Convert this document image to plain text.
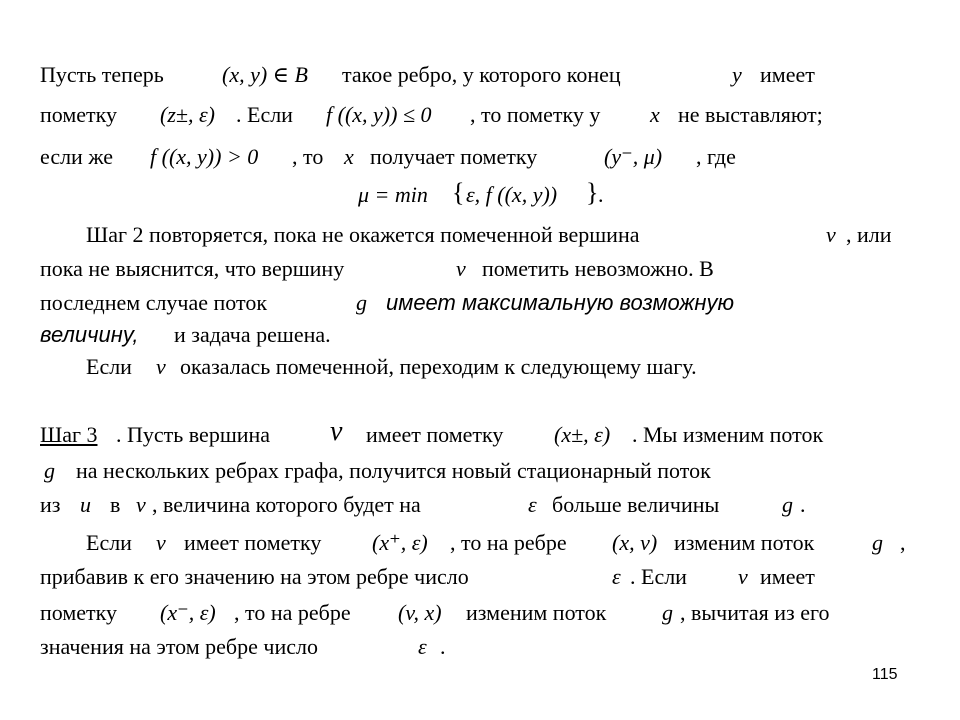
Пусть теперь	(x, y) ∈ B такое ребро, у которого конец	y имеет
пометку (z±, ε) . Если f ((x, y)) ≤ 0 , то пометку у x не выставляют;
если же f ((x, y)) > 0 , то x получает пометку	(y⁻, μ) , где
μ = min ε, f ((x, y)) .
Шаг 2 повторяется, пока не окажется помеченной вершина	v , или
пока не выяснится, что вершину	v пометить невозможно. В
последнем случае поток	g имеет максимальную возможную
величину, и задача решена.
Если v оказалась помеченной, переходим к следующему шагу.
Шаг 3 . Пусть вершина v имеет пометку (x±, ε) . Мы изменим поток
g на нескольких ребрах графа, получится новый стационарный поток
из u в v , величина которого будет на	ε больше величины	g .
Если v имеет пометку (x⁺, ε) , то на ребре (x, v) изменим поток	g ,
прибавив к его значению на этом ребре число	ε . Если v имеет
пометку (x⁻, ε) , то на ребре (v, x) изменим поток	g , вычитая из его
значения на этом ребре число	ε .
{	}
115
